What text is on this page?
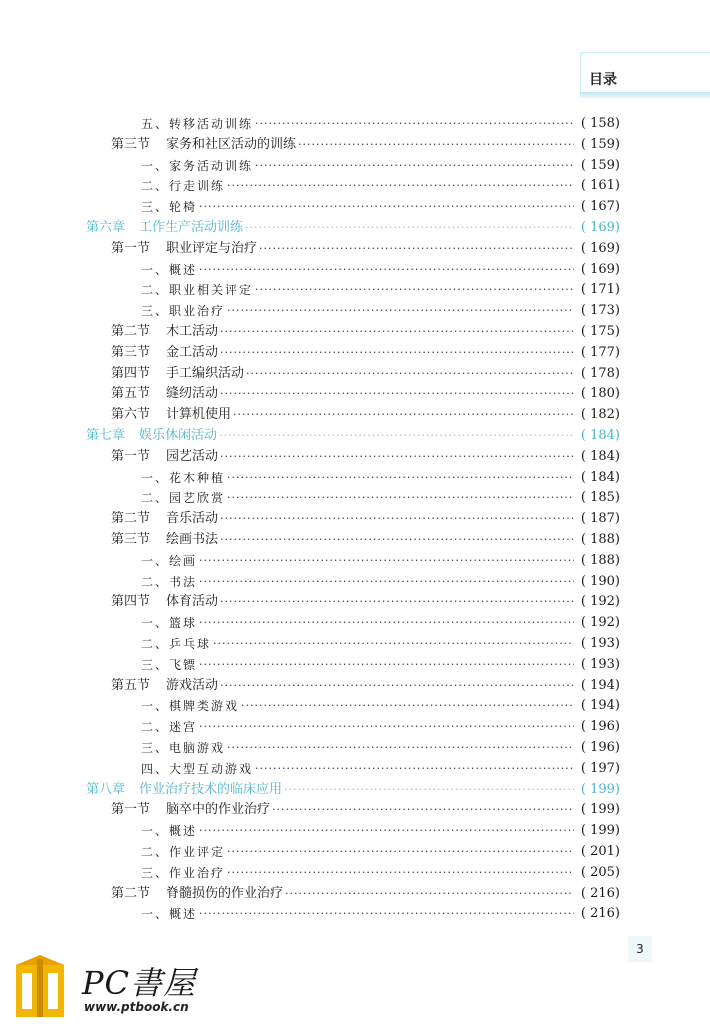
目录
五、 转移活动训练 ·····	( 158)
第三节 家务和社区活动的训练 ·····	( 159)
一、 家务活动训练 ·····	( 159)
二、 行走训练 ·····	( 161)
三、 轮椅 ·····	( 167)
第六章 工作生产活动训练 ·····	( 169)
第一节 职业评定与治疗 ·····	( 169)
一、 概述 ·····	( 169)
二、 职业相关评定 ·····	( 171)
三、 职业治疗 ·····	( 173)
第二节 木工活动 ·····	( 175)
第三节 金工活动 ·····	( 177)
第四节 手工编织活动 ·····	( 178)
第五节 缝纫活动 ·····	( 180)
第六节 计算机使用 ·····	( 182)
第七章 娱乐休闲活动 ·····	( 184)
第一节 园艺活动 ·····	( 184)
一、 花木种植 ·····	( 184)
二、 园艺欣赏 ·····	( 185)
第二节 音乐活动 ·····	( 187)
第三节 绘画书法 ·····	( 188)
一、 绘画 ·····	( 188)
二、 书法 ·····	( 190)
第四节 体育活动 ·····	( 192)
一、 篮球 ·····	( 192)
二、 乒乓球 ·····	( 193)
三、 飞镖 ·····	( 193)
第五节 游戏活动 ·····	( 194)
一、 棋牌类游戏 ·····	( 194)
二、 迷宫 ·····	( 196)
三、 电脑游戏 ·····	( 196)
四、 大型互动游戏 ·····	( 197)
第八章 作业治疗技术的临床应用 ·····	( 199)
第一节 脑卒中的作业治疗 ·····	( 199)
一、 概述 ·····	( 199)
二、 作业评定 ·····	( 201)
三、 作业治疗 ·····	( 205)
第二节 脊髓损伤的作业治疗 ·····	( 216)
一、 概述 ·····	( 216)
3
PC書屋
www.ptbook.cn
